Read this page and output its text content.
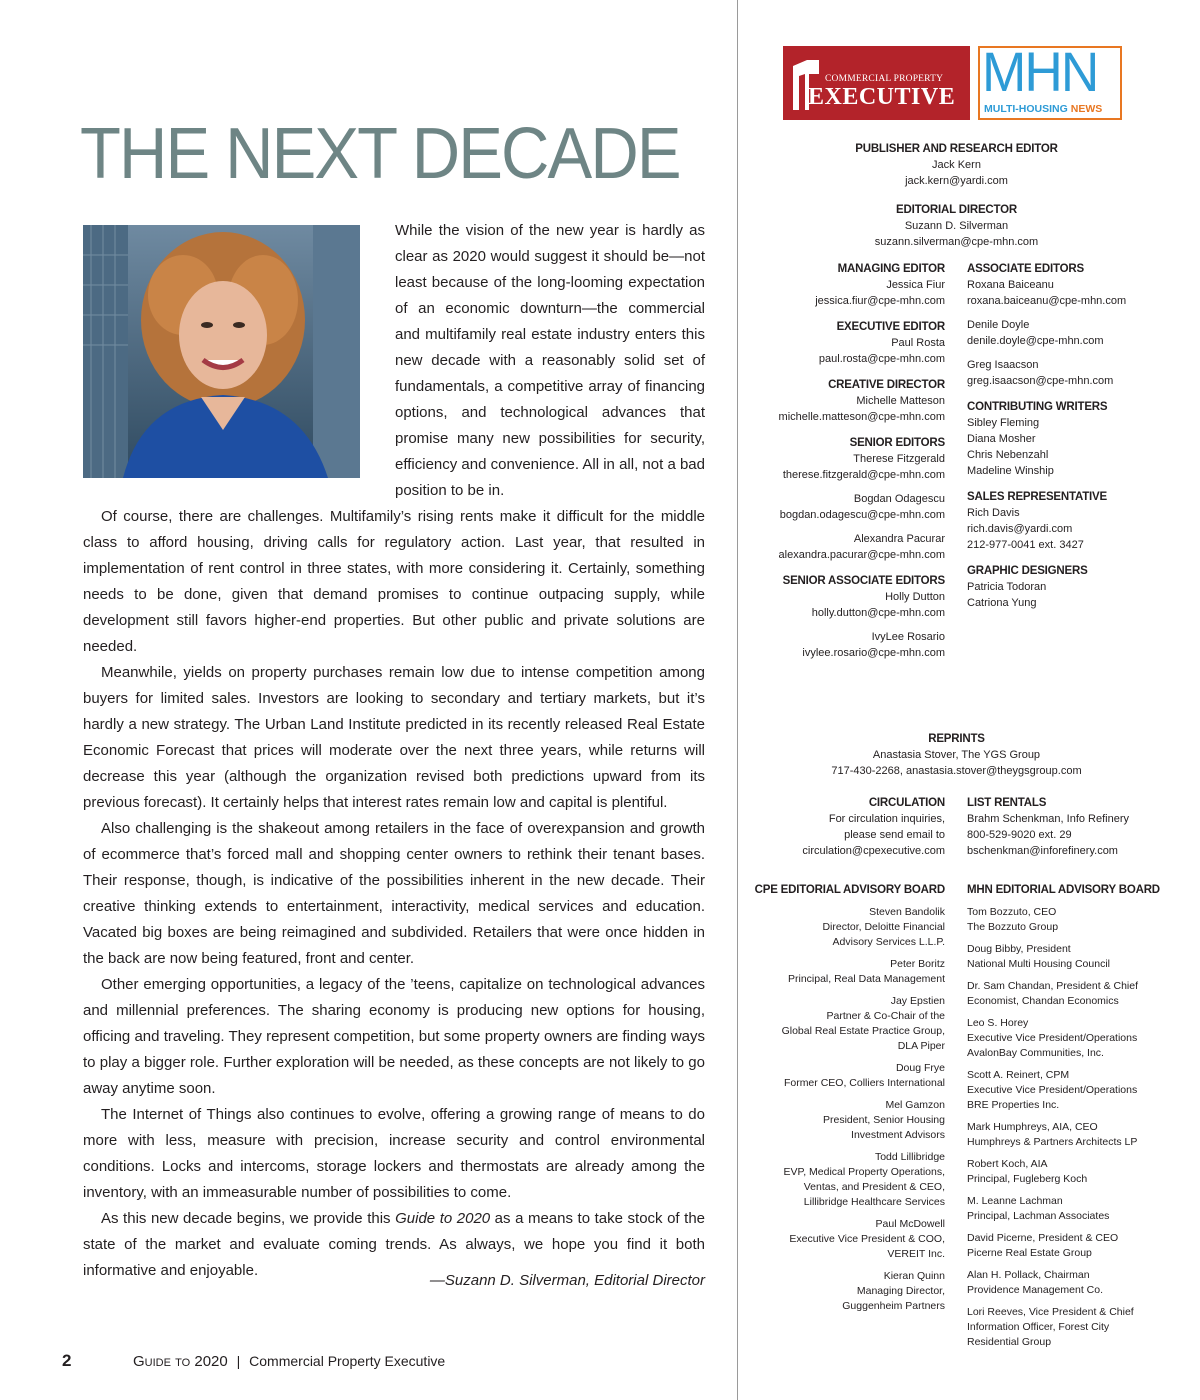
COMMERCIAL PROPERTY
EXECUTIVE MHN
MULTI-HOUSING NEWS
THE NEXT DECADE

While the vision of the new year is hardly as clear as 2020 would suggest it should be—not least because of the long-looming expectation of an economic downturn—the commercial and multifamily real estate industry enters this new decade with a reasonably solid set of fundamentals, a competitive array of financing options, and technological advances that promise many new possibilities for security, efficiency and convenience. All in all, not a bad position to be in.

Of course, there are challenges. Multifamily’s rising rents make it difficult for the middle class to afford housing, driving calls for regulatory action. Last year, that resulted in implementation of rent control in three states, with more considering it. Certainly, something needs to be done, given that demand promises to continue outpacing supply, while development still favors higher-end properties. But other public and private solutions are needed.

Meanwhile, yields on property purchases remain low due to intense competition among buyers for limited sales. Investors are looking to secondary and tertiary markets, but it’s hardly a new strategy. The Urban Land Institute predicted in its recently released Real Estate Economic Forecast that prices will moderate over the next three years, while returns will decrease this year (although the organization revised both predictions upward from its previous forecast). It certainly helps that interest rates remain low and capital is plentiful.

Also challenging is the shakeout among retailers in the face of overexpansion and growth of ecommerce that’s forced mall and shopping center owners to rethink their tenant bases. Their response, though, is indicative of the possibilities inherent in the new decade. Their creative thinking extends to entertainment, interactivity, medical services and education. Vacated big boxes are being reimagined and subdivided. Retailers that were once hidden in the back are now being featured, front and center.

Other emerging opportunities, a legacy of the ’teens, capitalize on technological advances and millennial preferences. The sharing economy is producing new options for housing, officing and traveling. They represent competition, but some property owners are finding ways to play a bigger role. Further exploration will be needed, as these concepts are not likely to go away anytime soon.

The Internet of Things also continues to evolve, offering a growing range of means to do more with less, measure with precision, increase security and control environmental conditions. Locks and intercoms, storage lockers and thermostats are already among the inventory, with an immeasurable number of possibilities to come.

As this new decade begins, we provide this Guide to 2020 as a means to take stock of the state of the market and evaluate coming trends. As always, we hope you find it both informative and enjoyable.

—Suzann D. Silverman, Editorial Director
2	Guide to 2020 | Commercial Property Executive
PUBLISHER AND RESEARCH EDITOR
Jack Kern
jack.kern@yardi.com
EDITORIAL DIRECTOR
Suzann D. Silverman
suzann.silverman@cpe-mhn.com
MANAGING EDITOR
Jessica Fiur
jessica.fiur@cpe-mhn.com
EXECUTIVE EDITOR
Paul Rosta
paul.rosta@cpe-mhn.com
CREATIVE DIRECTOR
Michelle Matteson
michelle.matteson@cpe-mhn.com
SENIOR EDITORS
Therese Fitzgerald
therese.fitzgerald@cpe-mhn.com

Bogdan Odagescu
bogdan.odagescu@cpe-mhn.com

Alexandra Pacurar
alexandra.pacurar@cpe-mhn.com
SENIOR ASSOCIATE EDITORS
Holly Dutton
holly.dutton@cpe-mhn.com

IvyLee Rosario
ivylee.rosario@cpe-mhn.com
ASSOCIATE EDITORS
Roxana Baiceanu
roxana.baiceanu@cpe-mhn.com

Denile Doyle
denile.doyle@cpe-mhn.com

Greg Isaacson
greg.isaacson@cpe-mhn.com
CONTRIBUTING WRITERS
Sibley Fleming
Diana Mosher
Chris Nebenzahl
Madeline Winship
SALES REPRESENTATIVE
Rich Davis
rich.davis@yardi.com
212-977-0041 ext. 3427
GRAPHIC DESIGNERS
Patricia Todoran
Catriona Yung
REPRINTS
Anastasia Stover, The YGS Group
717-430-2268, anastasia.stover@theygsgroup.com
CIRCULATION
For circulation inquiries,
please send email to
circulation@cpexecutive.com
LIST RENTALS
Brahm Schenkman, Info Refinery
800-529-9020 ext. 29
bschenkman@inforefinery.com
CPE EDITORIAL ADVISORY BOARD
Steven Bandolik
Director, Deloitte Financial
Advisory Services L.L.P.
Peter Boritz
Principal, Real Data Management
Jay Epstien
Partner & Co-Chair of the
Global Real Estate Practice Group,
DLA Piper
Doug Frye
Former CEO, Colliers International
Mel Gamzon
President, Senior Housing
Investment Advisors
Todd Lillibridge
EVP, Medical Property Operations,
Ventas, and President & CEO,
Lillibridge Healthcare Services
Paul McDowell
Executive Vice President & COO,
VEREIT Inc.
Kieran Quinn
Managing Director,
Guggenheim Partners
MHN EDITORIAL ADVISORY BOARD
Tom Bozzuto, CEO
The Bozzuto Group
Doug Bibby, President
National Multi Housing Council
Dr. Sam Chandan, President & Chief
Economist, Chandan Economics
Leo S. Horey
Executive Vice President/Operations
AvalonBay Communities, Inc.
Scott A. Reinert, CPM
Executive Vice President/Operations
BRE Properties Inc.
Mark Humphreys, AIA, CEO
Humphreys & Partners Architects LP
Robert Koch, AIA
Principal, Fugleberg Koch
M. Leanne Lachman
Principal, Lachman Associates
David Picerne, President & CEO
Picerne Real Estate Group
Alan H. Pollack, Chairman
Providence Management Co.
Lori Reeves, Vice President & Chief
Information Officer, Forest City
Residential Group
